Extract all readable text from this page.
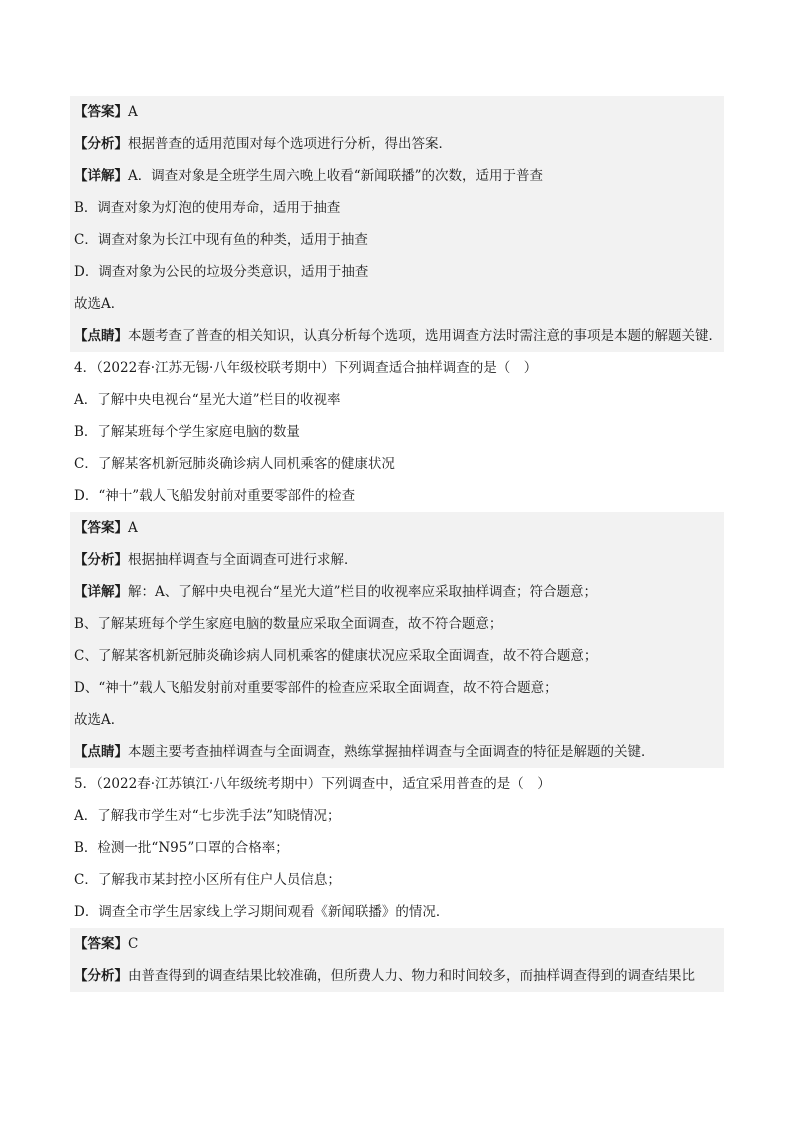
【答案】A
【分析】根据普查的适用范围对每个选项进行分析，得出答案．
【详解】A．调查对象是全班学生周六晚上收看“新闻联播”的次数，适用于普查
B．调查对象为灯泡的使用寿命，适用于抽查
C．调查对象为长江中现有鱼的种类，适用于抽查
D．调查对象为公民的垃圾分类意识，适用于抽查
故选A．
【点睛】本题考查了普查的相关知识，认真分析每个选项，选用调查方法时需注意的事项是本题的解题关键．
4．（2022春·江苏无锡·八年级校联考期中）下列调查适合抽样调查的是（　）
A．了解中央电视台“星光大道”栏目的收视率
B．了解某班每个学生家庭电脑的数量
C．了解某客机新冠肺炎确诊病人同机乘客的健康状况
D．“神十”载人飞船发射前对重要零部件的检查
【答案】A
【分析】根据抽样调查与全面调查可进行求解．
【详解】解：A、了解中央电视台“星光大道”栏目的收视率应采取抽样调查；符合题意；
B、了解某班每个学生家庭电脑的数量应采取全面调查，故不符合题意；
C、了解某客机新冠肺炎确诊病人同机乘客的健康状况应采取全面调查，故不符合题意；
D、“神十”载人飞船发射前对重要零部件的检查应采取全面调查，故不符合题意；
故选A．
【点睛】本题主要考查抽样调查与全面调查，熟练掌握抽样调查与全面调查的特征是解题的关键．
5．（2022春·江苏镇江·八年级统考期中）下列调查中，适宜采用普查的是（　）
A．了解我市学生对“七步洗手法”知晓情况；
B．检测一批“N95”口罩的合格率；
C．了解我市某封控小区所有住户人员信息；
D．调查全市学生居家线上学习期间观看《新闻联播》的情况．
【答案】C
【分析】由普查得到的调查结果比较准确，但所费人力、物力和时间较多，而抽样调查得到的调查结果比
